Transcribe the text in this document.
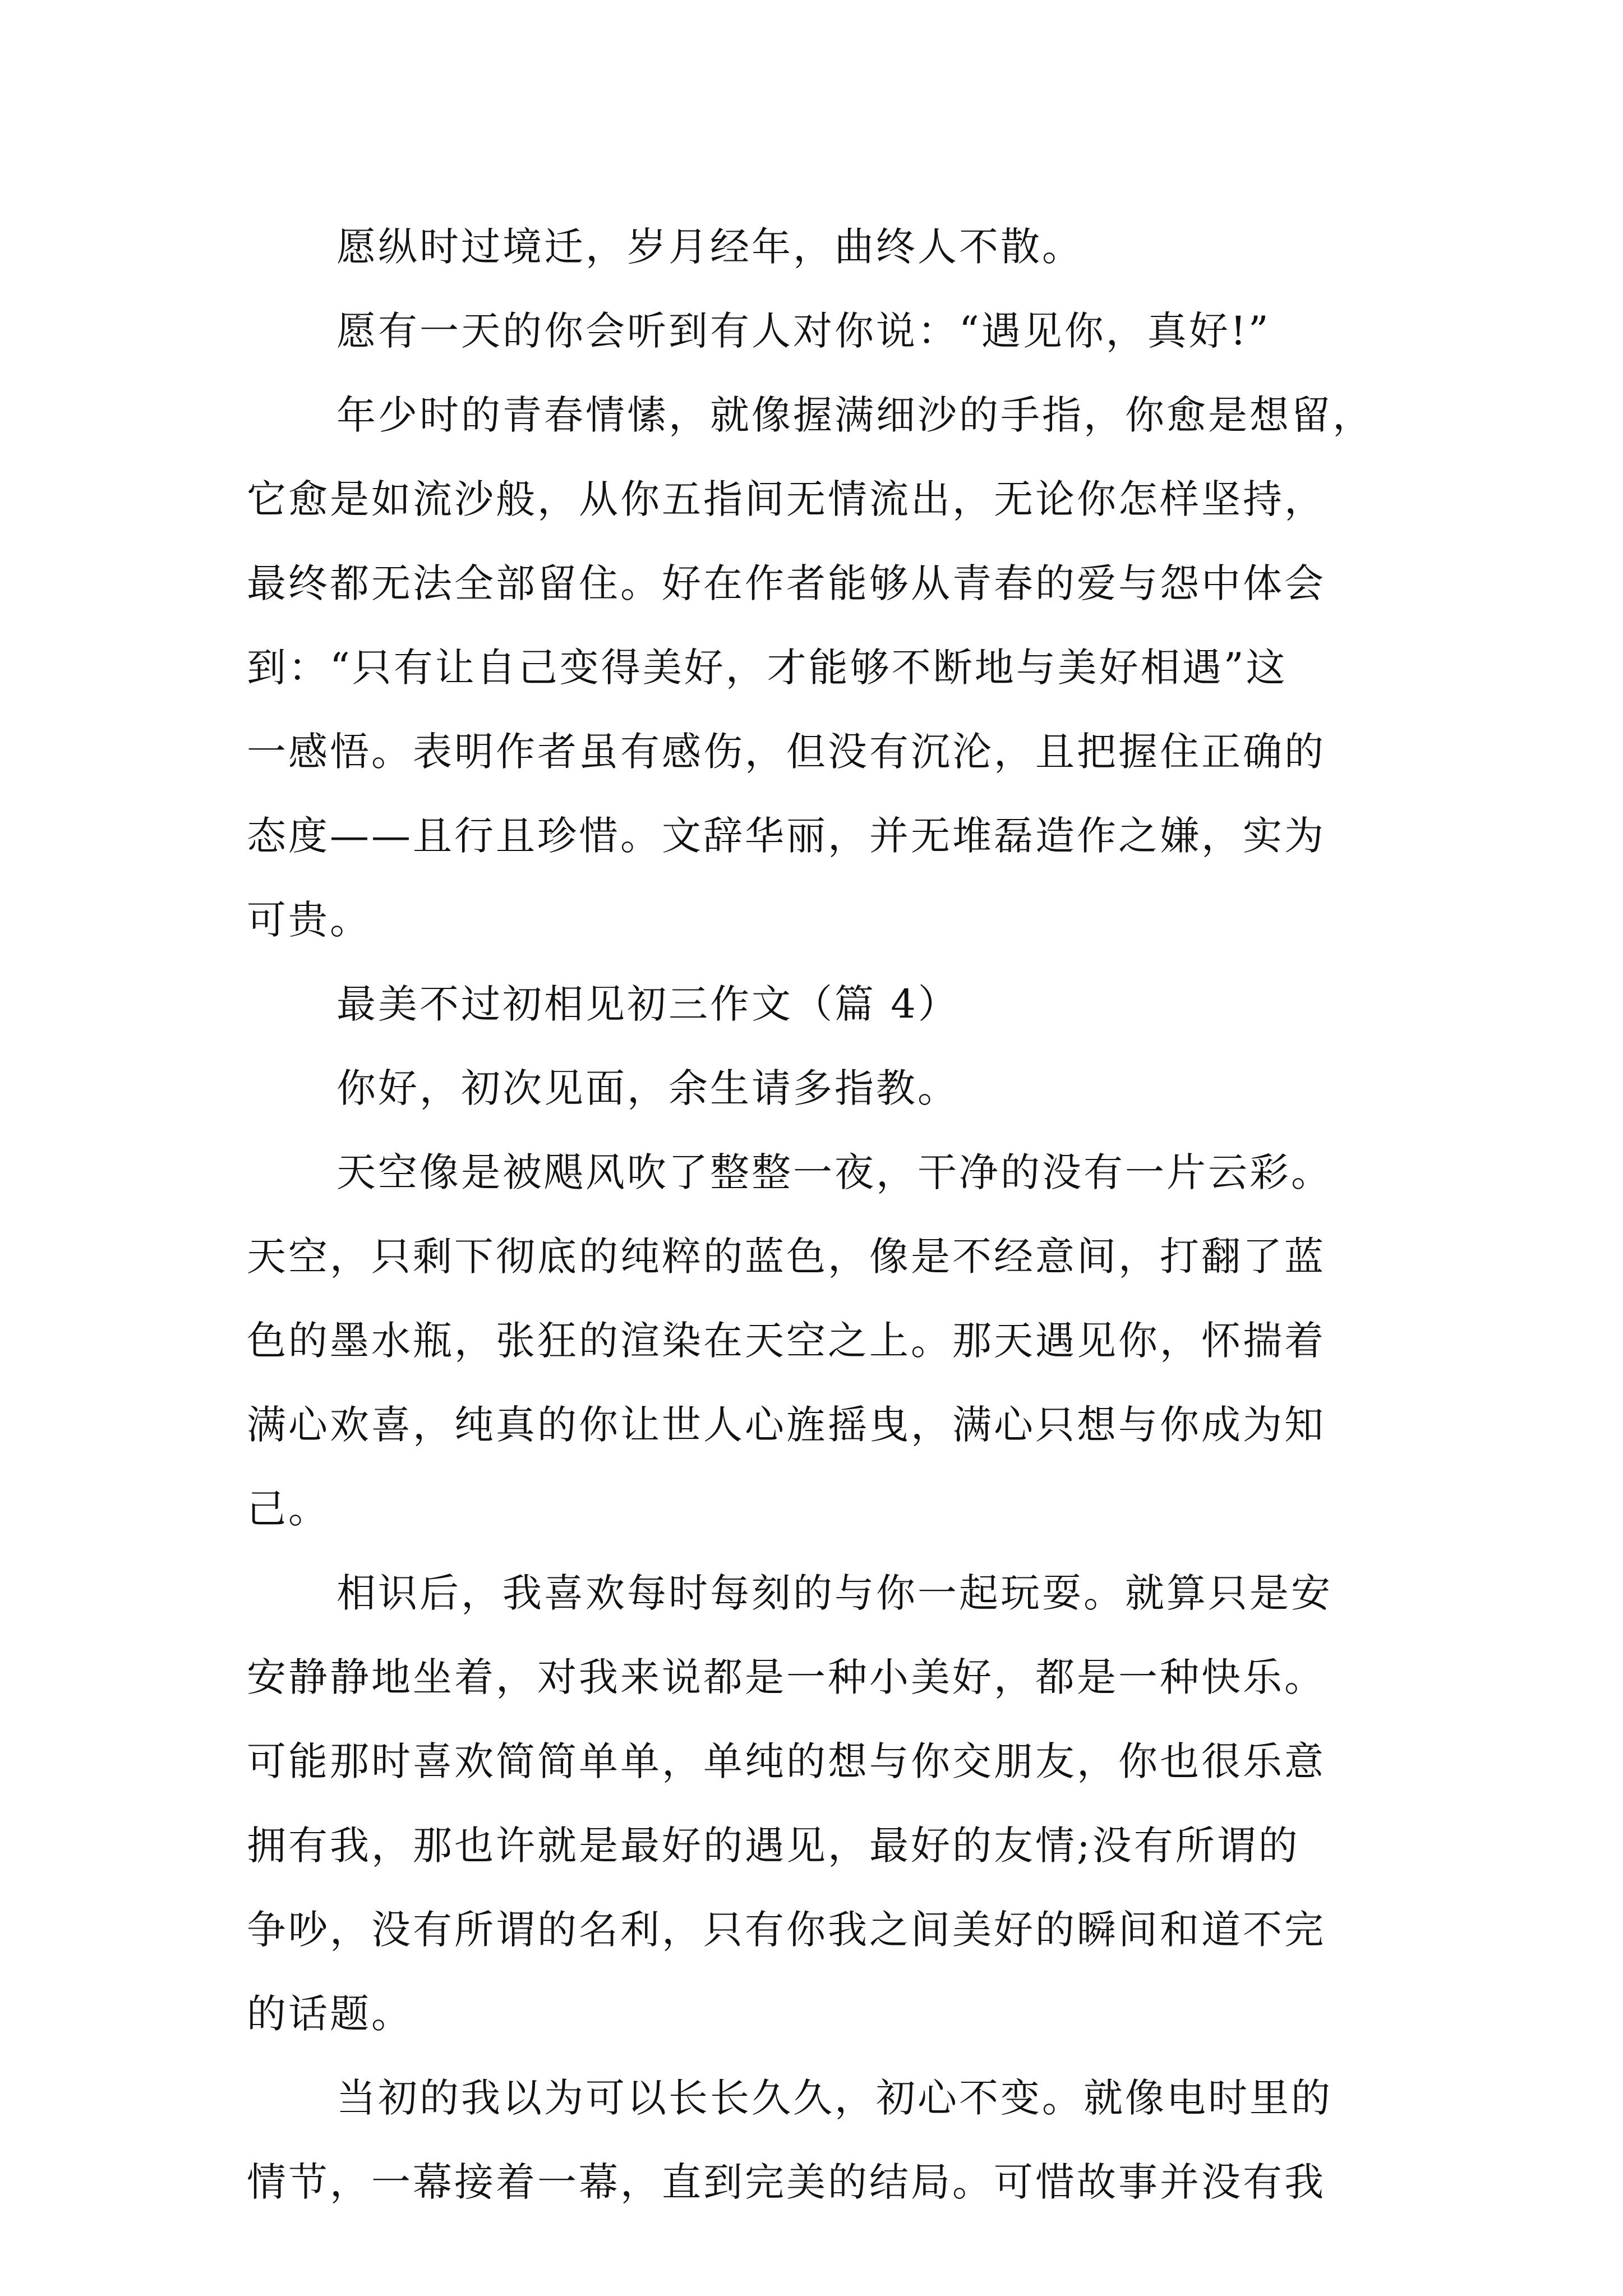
愿纵时过境迁，岁月经年，曲终人不散。

愿有一天的你会听到有人对你说：“遇见你，真好!”

年少时的青春情愫，就像握满细沙的手指，你愈是想留，
它愈是如流沙般，从你五指间无情流出，无论你怎样坚持，
最终都无法全部留住。好在作者能够从青春的爱与怨中体会
到：“只有让自己变得美好，才能够不断地与美好相遇”这
一感悟。表明作者虽有感伤，但没有沉沦，且把握住正确的
态度——且行且珍惜。文辞华丽，并无堆磊造作之嫌，实为
可贵。

最美不过初相见初三作文（篇 4）

你好，初次见面，余生请多指教。

天空像是被飓风吹了整整一夜，干净的没有一片云彩。
天空，只剩下彻底的纯粹的蓝色，像是不经意间，打翻了蓝
色的墨水瓶，张狂的渲染在天空之上。那天遇见你，怀揣着
满心欢喜，纯真的你让世人心旌摇曳，满心只想与你成为知
己。

相识后，我喜欢每时每刻的与你一起玩耍。就算只是安
安静静地坐着，对我来说都是一种小美好，都是一种快乐。
可能那时喜欢简简单单，单纯的想与你交朋友，你也很乐意
拥有我，那也许就是最好的遇见，最好的友情;没有所谓的
争吵，没有所谓的名利，只有你我之间美好的瞬间和道不完
的话题。

当初的我以为可以长长久久，初心不变。就像电时里的
情节，一幕接着一幕，直到完美的结局。可惜故事并没有我
